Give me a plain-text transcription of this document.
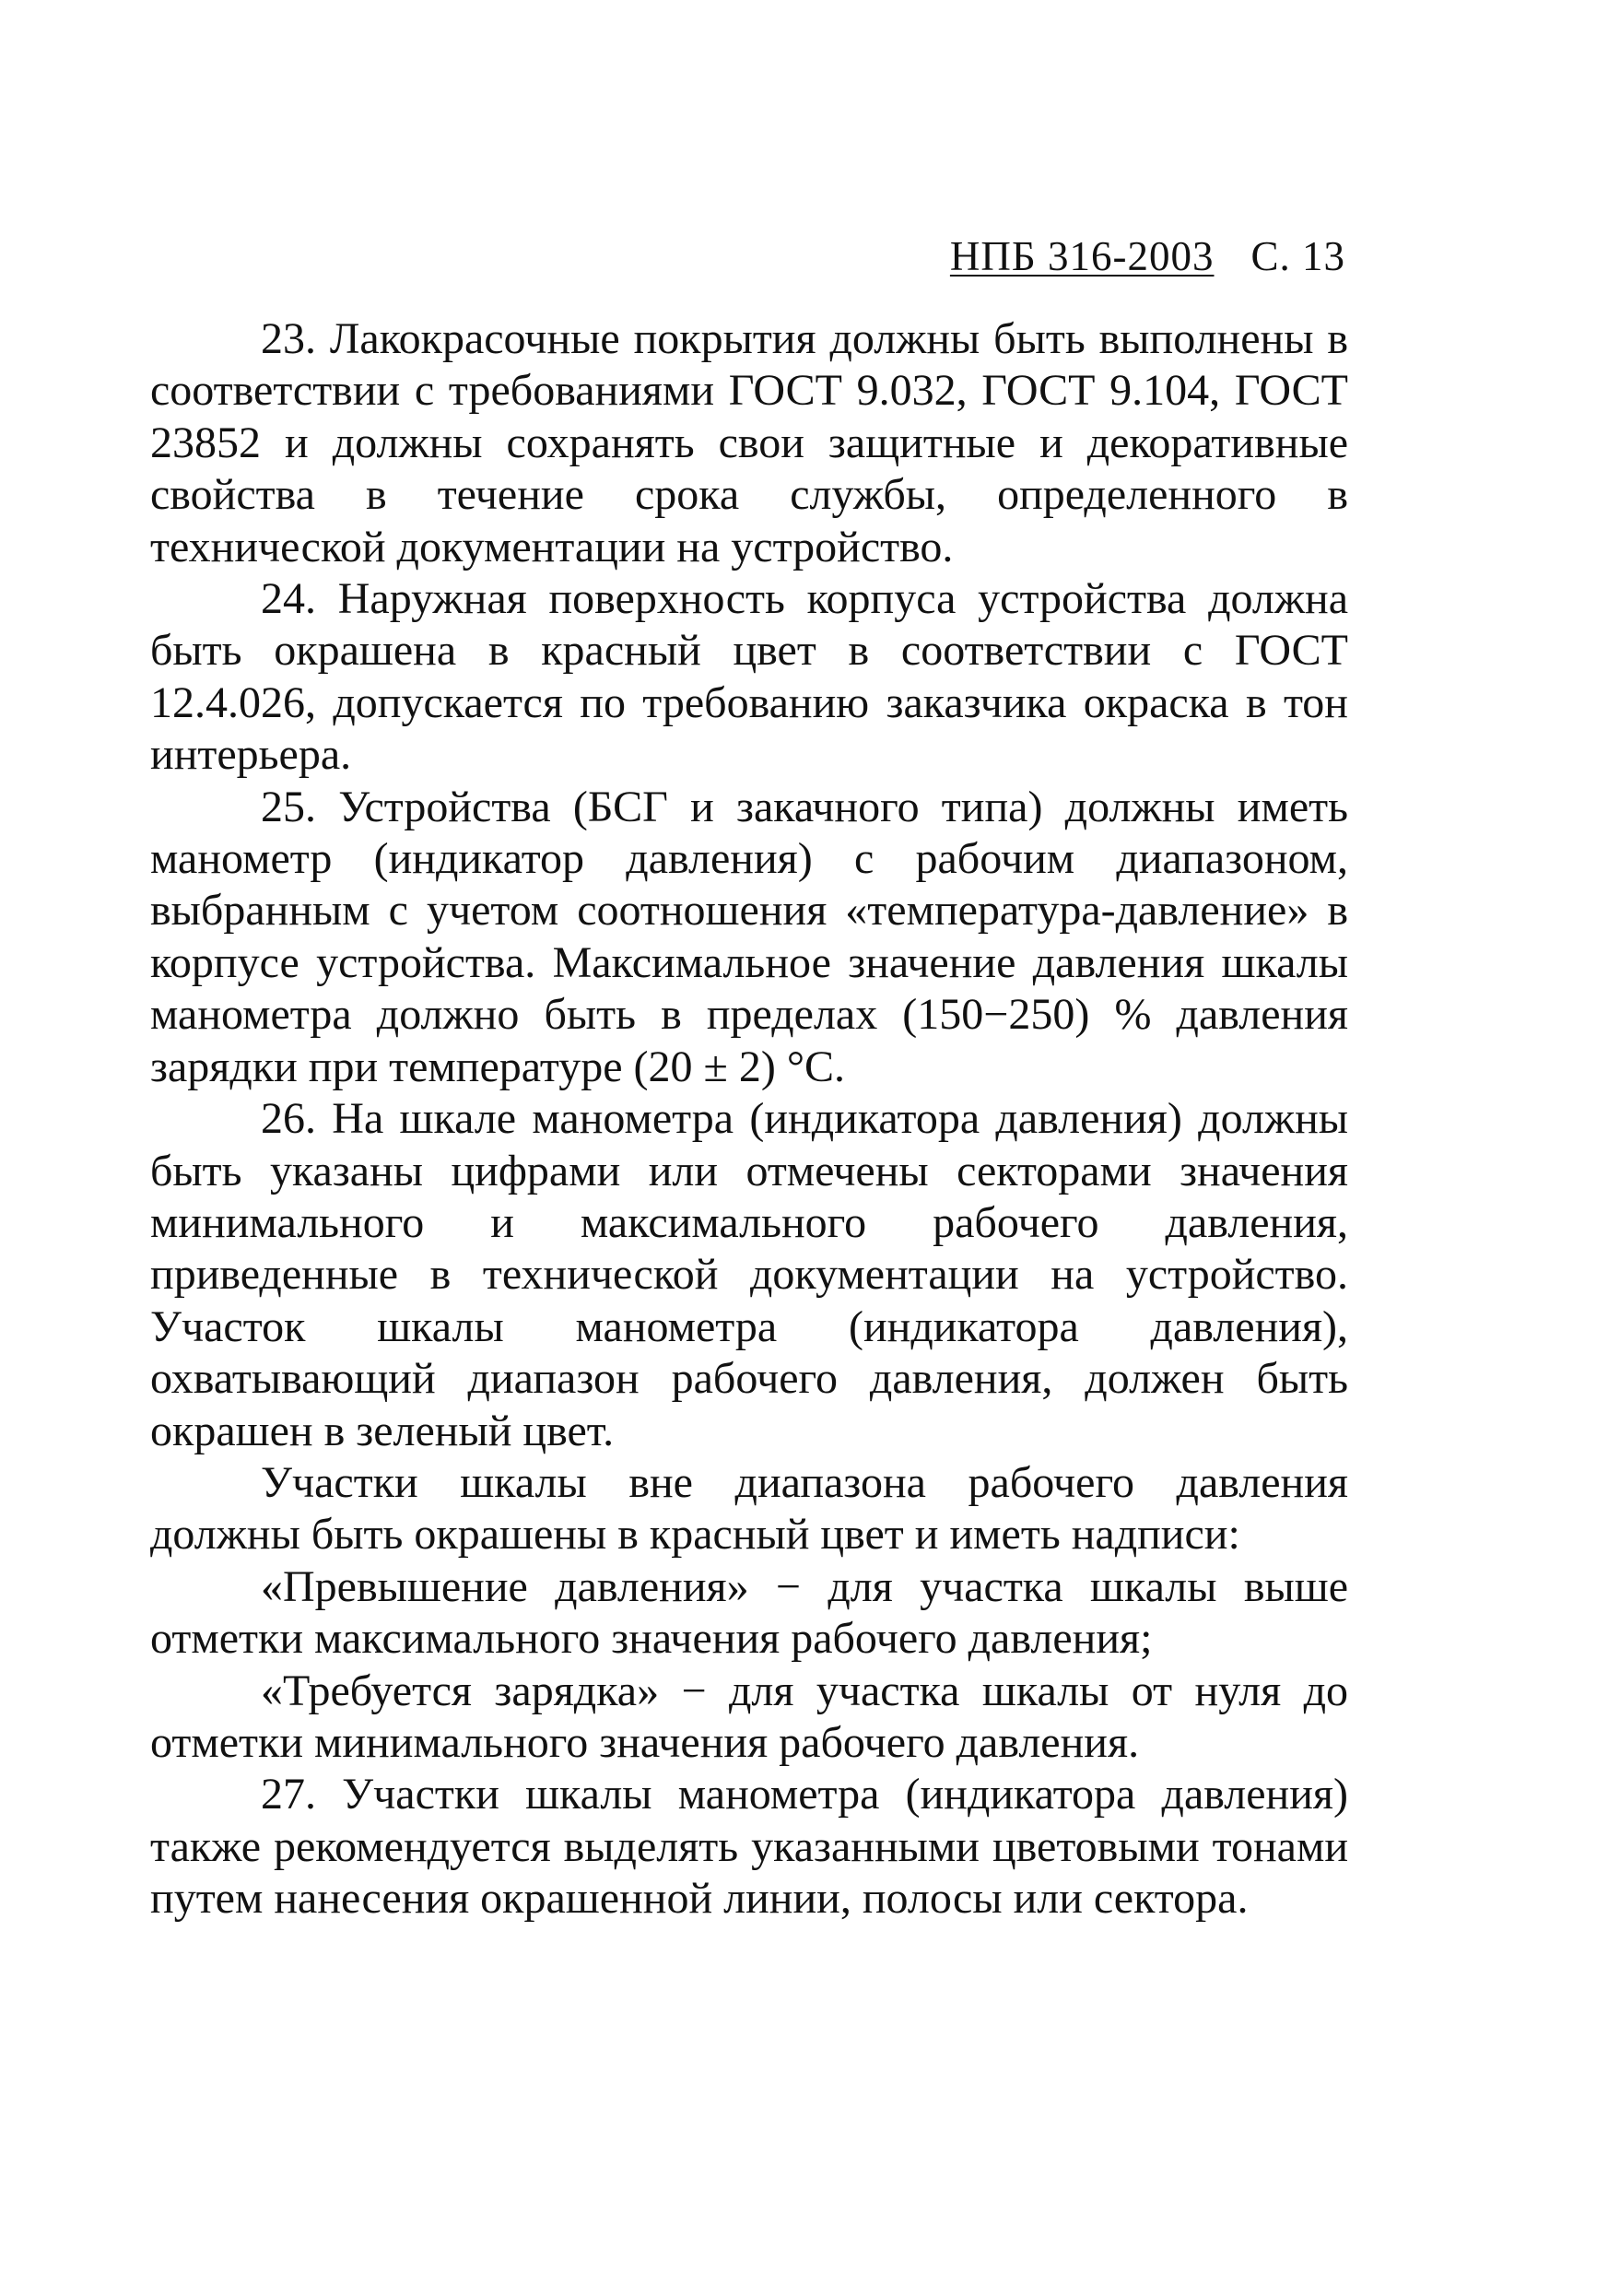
НПБ 316-2003 С. 13

23. Лакокрасочные покрытия должны быть выполнены в соответствии с требованиями ГОСТ 9.032, ГОСТ 9.104, ГОСТ 23852 и должны сохранять свои защитные и декоративные свойства в течение срока службы, определенного в технической документации на устройство.

24. Наружная поверхность корпуса устройства должна быть окрашена в красный цвет в соответствии с ГОСТ 12.4.026, допускается по требованию заказчика окраска в тон интерьера.

25. Устройства (БСГ и закачного типа) должны иметь манометр (индикатор давления) с рабочим диапазоном, выбранным с учетом соотношения «температура-давление» в корпусе устройства. Максимальное значение давления шкалы манометра должно быть в пределах (150−250) % давления зарядки при температуре (20 ± 2) °С.

26. На шкале манометра (индикатора давления) должны быть указаны цифрами или отмечены секторами значения минимального и максимального рабочего давления, приведенные в технической документации на устройство. Участок шкалы манометра (индикатора давления), охватывающий диапазон рабочего давления, должен быть окрашен в зеленый цвет.

Участки шкалы вне диапазона рабочего давления должны быть окрашены в красный цвет и иметь надписи:

«Превышение давления» − для участка шкалы выше отметки максимального значения рабочего давления;

«Требуется зарядка» − для участка шкалы от нуля до отметки минимального значения рабочего давления.

27. Участки шкалы манометра (индикатора давления) также рекомендуется выделять указанными цветовыми тонами путем нанесения окрашенной линии, полосы или сектора.
